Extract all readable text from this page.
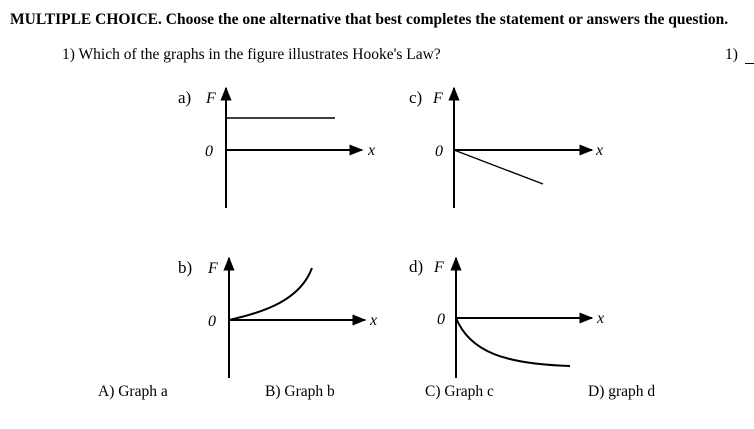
MULTIPLE CHOICE. Choose the one alternative that best completes the statement or answers the question.
1) Which of the graphs in the figure illustrates Hooke's Law?	1)
a) F
x
0
c) F
x
0
b) F
x
0
d) F
x
0
A) Graph a	B) Graph b	C) Graph c	D) graph d
